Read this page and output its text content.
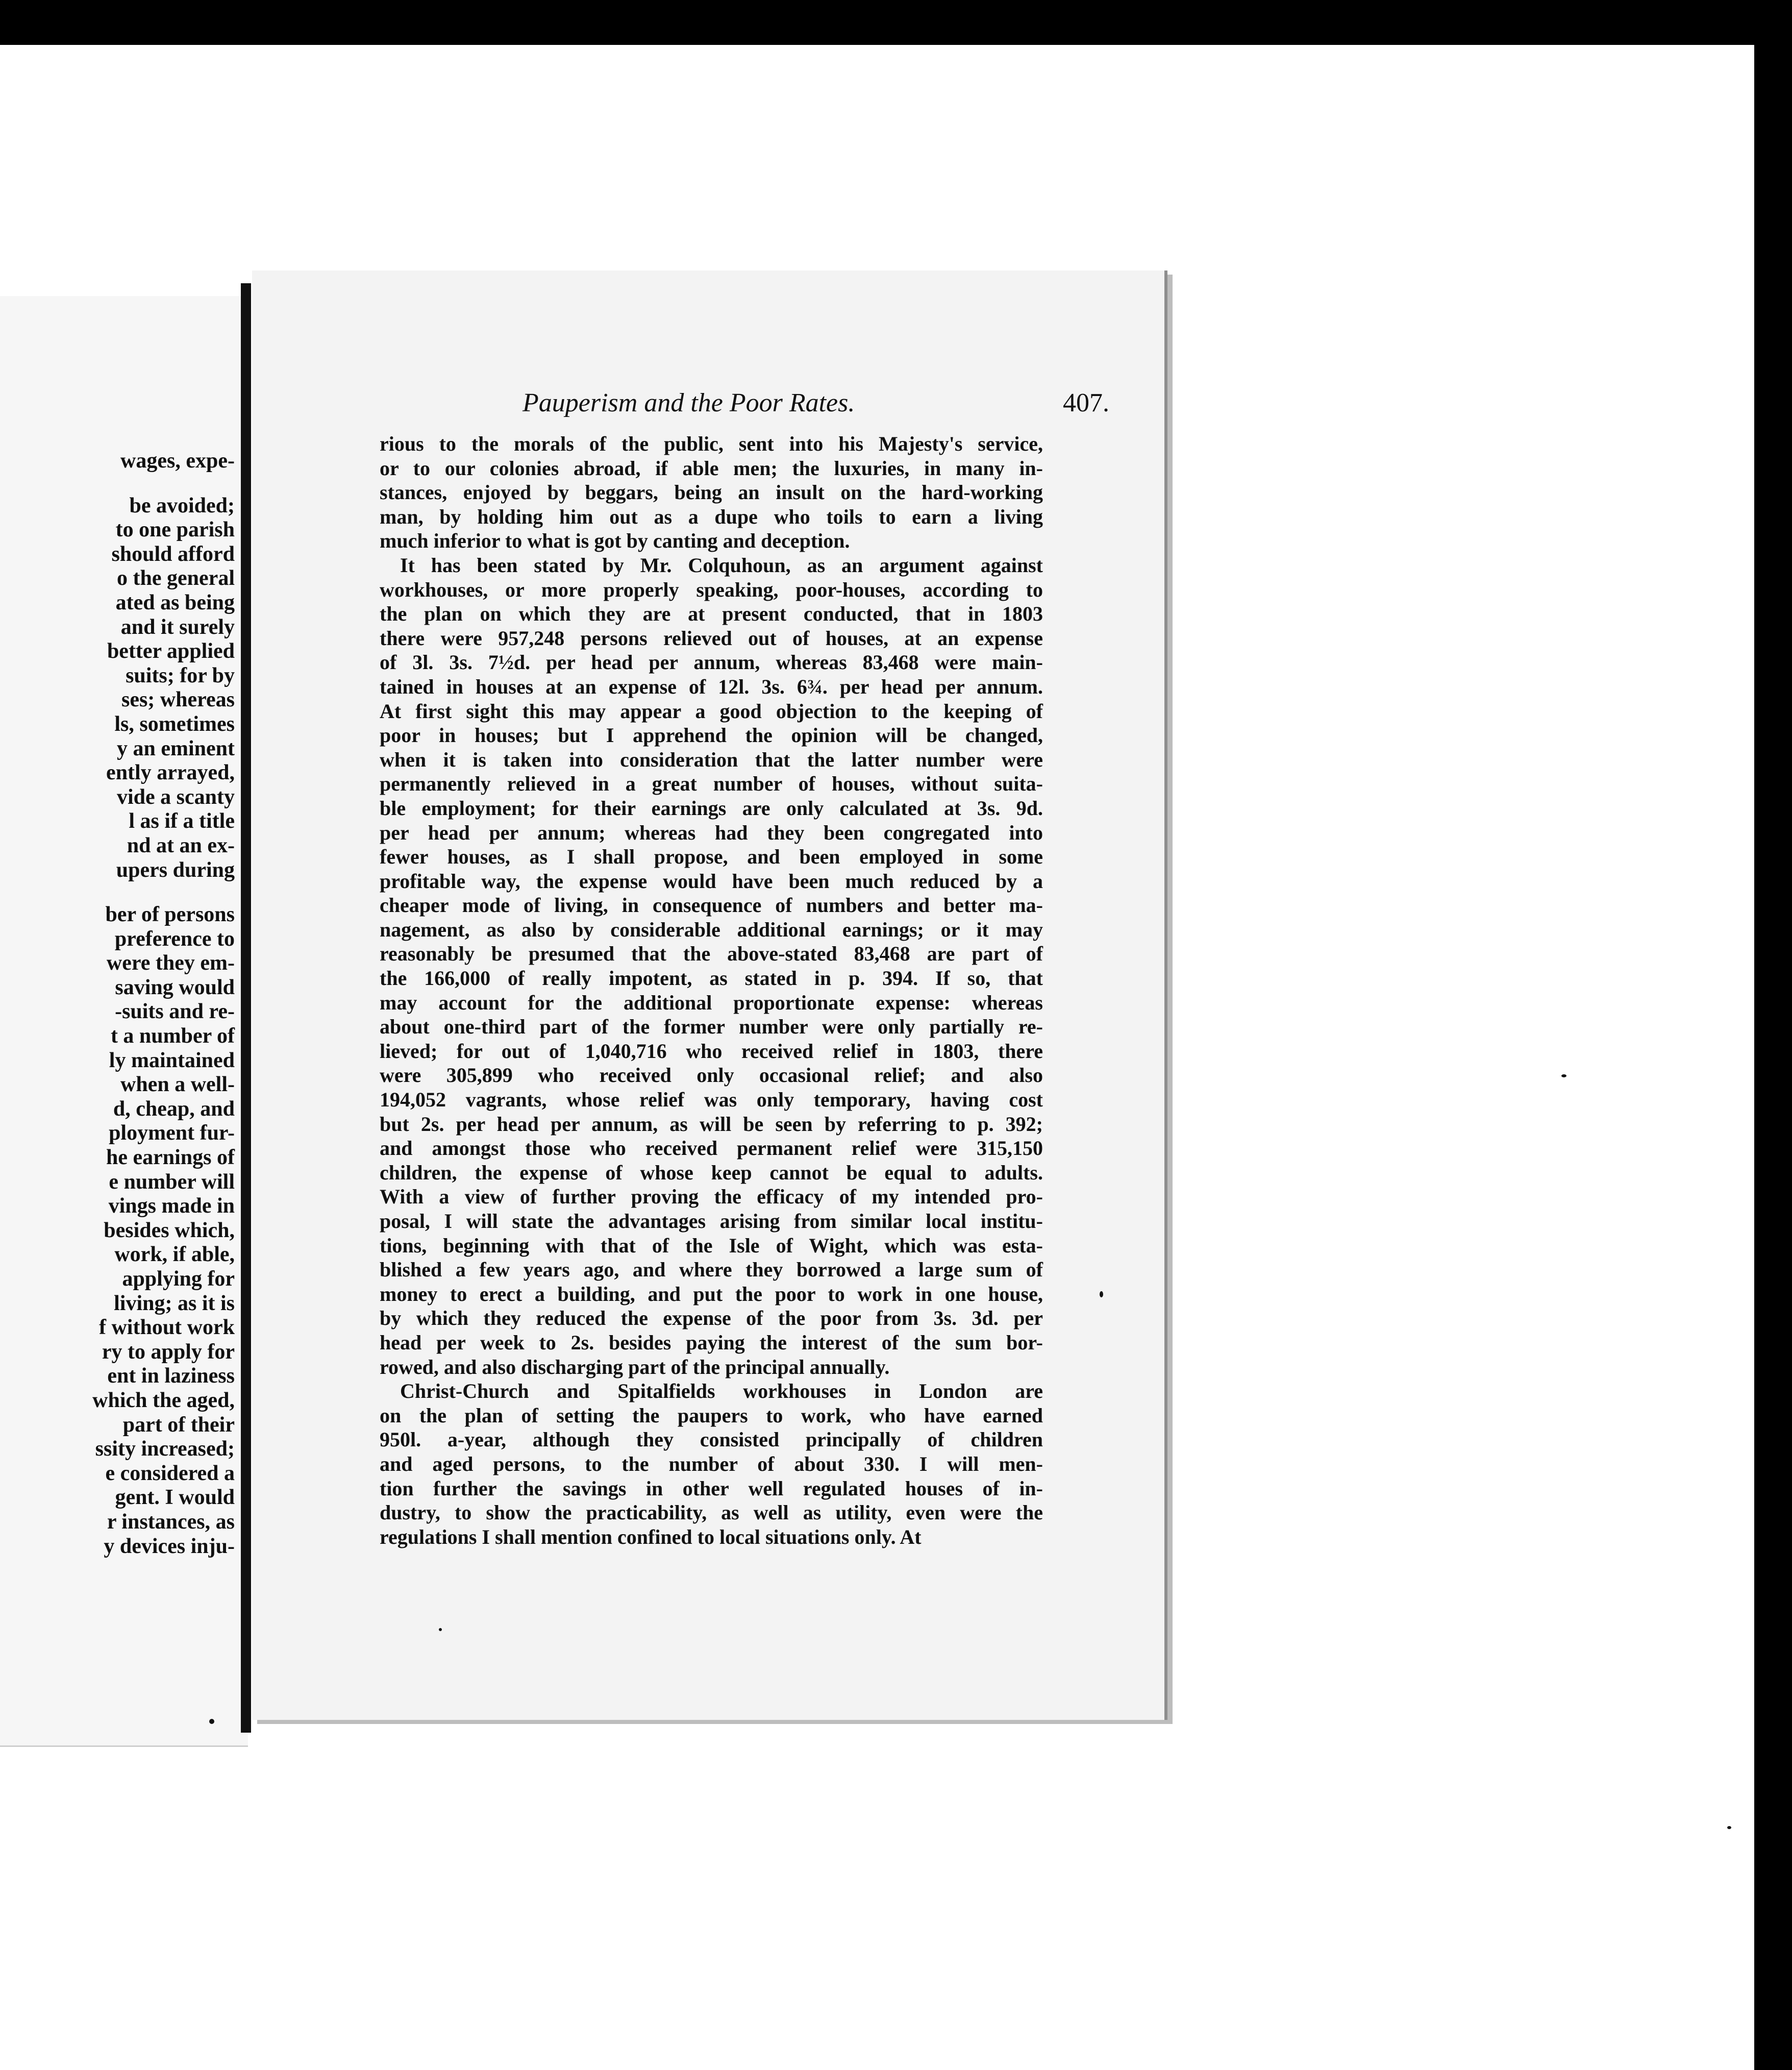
wages, expe-
be avoided;
to one parish
should afford
o the general
ated as being
and it surely
better applied
suits; for by
ses; whereas
ls, sometimes
y an eminent
ently arrayed,
vide a scanty
l as if a title
nd at an ex-
upers during
ber of persons
preference to
were they em-
saving would
-suits and re-
t a number of
ly maintained
when a well-
d, cheap, and
ployment fur-
he earnings of
e number will
vings made in
besides which,
work, if able,
applying for
living; as it is
f without work
ry to apply for
ent in laziness
which the aged,
part of their
ssity increased;
e considered a
gent. I would
r instances, as
y devices inju-
Pauperism and the Poor Rates.	407.
rious to the morals of the public, sent into his Majesty's service,
or to our colonies abroad, if able men; the luxuries, in many in-
stances, enjoyed by beggars, being an insult on the hard-working
man, by holding him out as a dupe who toils to earn a living
much inferior to what is got by canting and deception.
It has been stated by Mr. Colquhoun, as an argument against
workhouses, or more properly speaking, poor-houses, according to
the plan on which they are at present conducted, that in 1803
there were 957,248 persons relieved out of houses, at an expense
of 3l. 3s. 7½d. per head per annum, whereas 83,468 were main-
tained in houses at an expense of 12l. 3s. 6¾. per head per annum.
At first sight this may appear a good objection to the keeping of
poor in houses; but I apprehend the opinion will be changed,
when it is taken into consideration that the latter number were
permanently relieved in a great number of houses, without suita-
ble employment; for their earnings are only calculated at 3s. 9d.
per head per annum; whereas had they been congregated into
fewer houses, as I shall propose, and been employed in some
profitable way, the expense would have been much reduced by a
cheaper mode of living, in consequence of numbers and better ma-
nagement, as also by considerable additional earnings; or it may
reasonably be presumed that the above-stated 83,468 are part of
the 166,000 of really impotent, as stated in p. 394. If so, that
may account for the additional proportionate expense: whereas
about one-third part of the former number were only partially re-
lieved; for out of 1,040,716 who received relief in 1803, there
were 305,899 who received only occasional relief; and also
194,052 vagrants, whose relief was only temporary, having cost
but 2s. per head per annum, as will be seen by referring to p. 392;
and amongst those who received permanent relief were 315,150
children, the expense of whose keep cannot be equal to adults.
With a view of further proving the efficacy of my intended pro-
posal, I will state the advantages arising from similar local institu-
tions, beginning with that of the Isle of Wight, which was esta-
blished a few years ago, and where they borrowed a large sum of
money to erect a building, and put the poor to work in one house,
by which they reduced the expense of the poor from 3s. 3d. per
head per week to 2s. besides paying the interest of the sum bor-
rowed, and also discharging part of the principal annually.
Christ-Church and Spitalfields workhouses in London are
on the plan of setting the paupers to work, who have earned
950l. a-year, although they consisted principally of children
and aged persons, to the number of about 330. I will men-
tion further the savings in other well regulated houses of in-
dustry, to show the practicability, as well as utility, even were the
regulations I shall mention confined to local situations only. At
